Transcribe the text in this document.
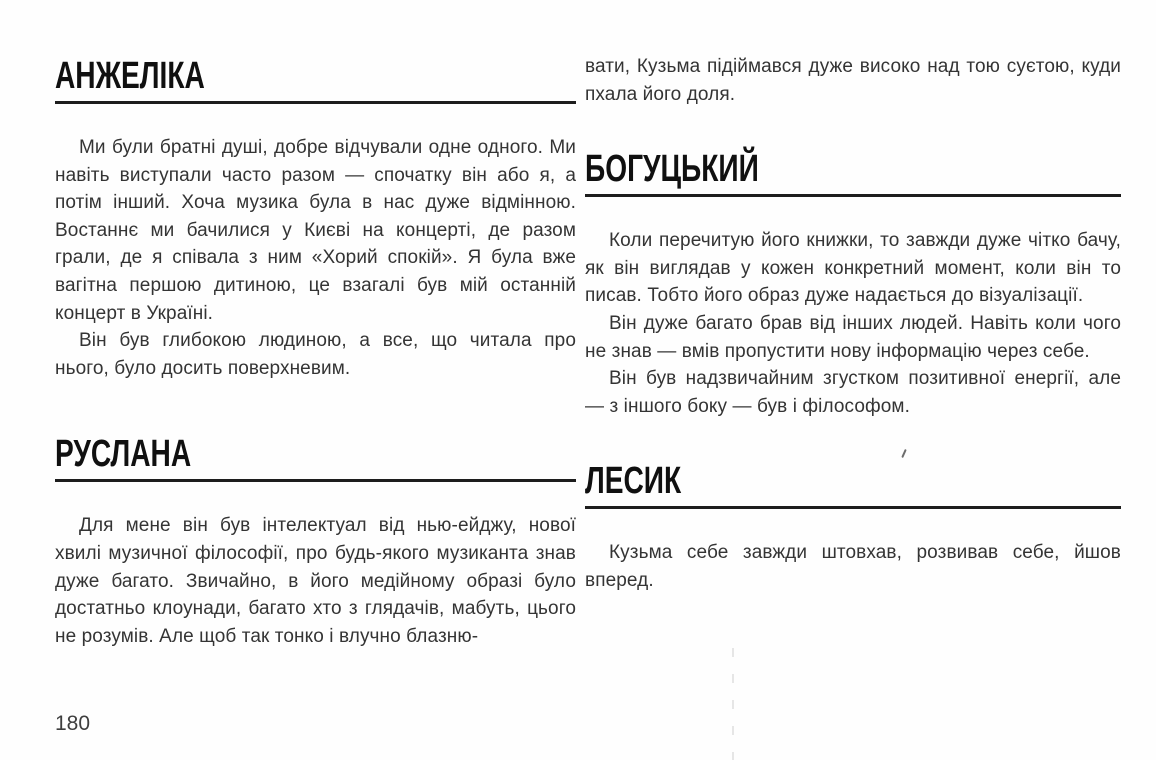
АНЖЕЛІКА

Ми були братні душі, добре відчували одне одного. Ми навіть виступали часто разом — спочатку він або я, а потім інший. Хоча музика була в нас дуже відмінною. Востаннє ми бачилися у Києві на концерті, де разом грали, де я співала з ним «Хорий спокій». Я була вже вагітна першою дитиною, це взагалі був мій останній концерт в Україні.

Він був глибокою людиною, а все, що читала про нього, було досить поверхневим.

РУСЛАНА

Для мене він був інтелектуал від нью-ейджу, нової хвилі музичної філософії, про будь-якого музиканта знав дуже багато. Звичайно, в його медійному образі було достатньо клоунади, багато хто з глядачів, мабуть, цього не розумів. Але щоб так тонко і влучно блазню-

вати, Кузьма підіймався дуже високо над тою суєтою, куди пхала його доля.

БОГУЦЬКИЙ

Коли перечитую його книжки, то завжди дуже чітко бачу, як він виглядав у кожен конкретний момент, коли він то писав. Тобто його образ дуже надається до візуалізації.

Він дуже багато брав від інших людей. Навіть коли чого не знав — вмів пропустити нову інформацію через себе.

Він був надзвичайним згустком позитивної енергії, але — з іншого боку — був і філософом.

ЛЕСИК

Кузьма себе завжди штовхав, розвивав себе, йшов вперед.

180
